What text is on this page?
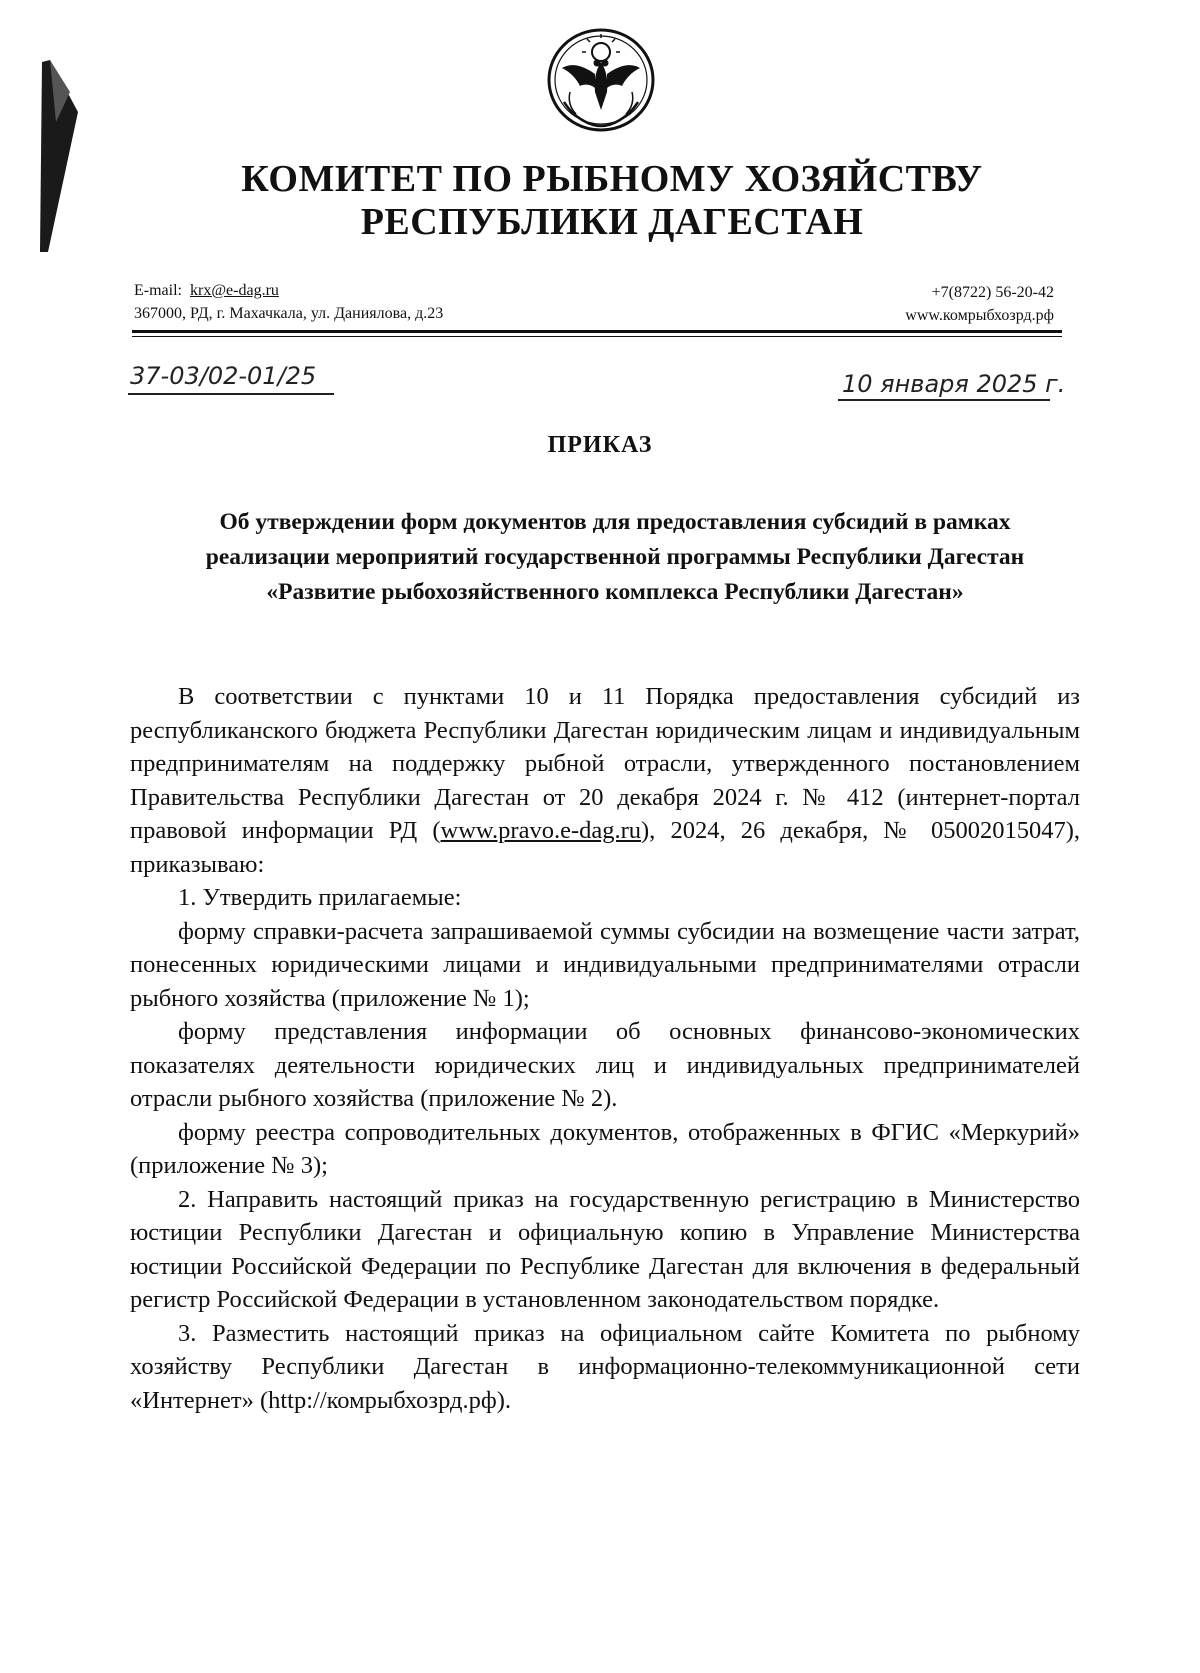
КОМИТЕТ ПО РЫБНОМУ ХОЗЯЙСТВУ
РЕСПУБЛИКИ ДАГЕСТАН
E-mail: krx@e-dag.ru
367000, РД, г. Махачкала, ул. Даниялова, д.23
+7(8722) 56-20-42
www.комрыбхозрд.рф
37-03/02-01/25	10 января 2025 г.
ПРИКАЗ
Об утверждении форм документов для предоставления субсидий в рамках
реализации мероприятий государственной программы Республики Дагестан
«Развитие рыбохозяйственного комплекса Республики Дагестан»

В соответствии с пунктами 10 и 11 Порядка предоставления субсидий из республиканского бюджета Республики Дагестан юридическим лицам и индивидуальным предпринимателям на поддержку рыбной отрасли, утвержденного постановлением Правительства Республики Дагестан от 20 декабря 2024 г. № 412 (интернет-портал правовой информации РД (www.pravo.e-dag.ru), 2024, 26 декабря, № 05002015047), приказываю:

1. Утвердить прилагаемые:

форму справки-расчета запрашиваемой суммы субсидии на возмещение части затрат, понесенных юридическими лицами и индивидуальными предпринимателями отрасли рыбного хозяйства (приложение № 1);

форму представления информации об основных финансово-экономических показателях деятельности юридических лиц и индивидуальных предпринимателей отрасли рыбного хозяйства (приложение № 2).

форму реестра сопроводительных документов, отображенных в ФГИС «Меркурий» (приложение № 3);

2. Направить настоящий приказ на государственную регистрацию в Министерство юстиции Республики Дагестан и официальную копию в Управление Министерства юстиции Российской Федерации по Республике Дагестан для включения в федеральный регистр Российской Федерации в установленном законодательством порядке.

3. Разместить настоящий приказ на официальном сайте Комитета по рыбному хозяйству Республики Дагестан в информационно-телекоммуникационной сети «Интернет» (http://комрыбхозрд.рф).
